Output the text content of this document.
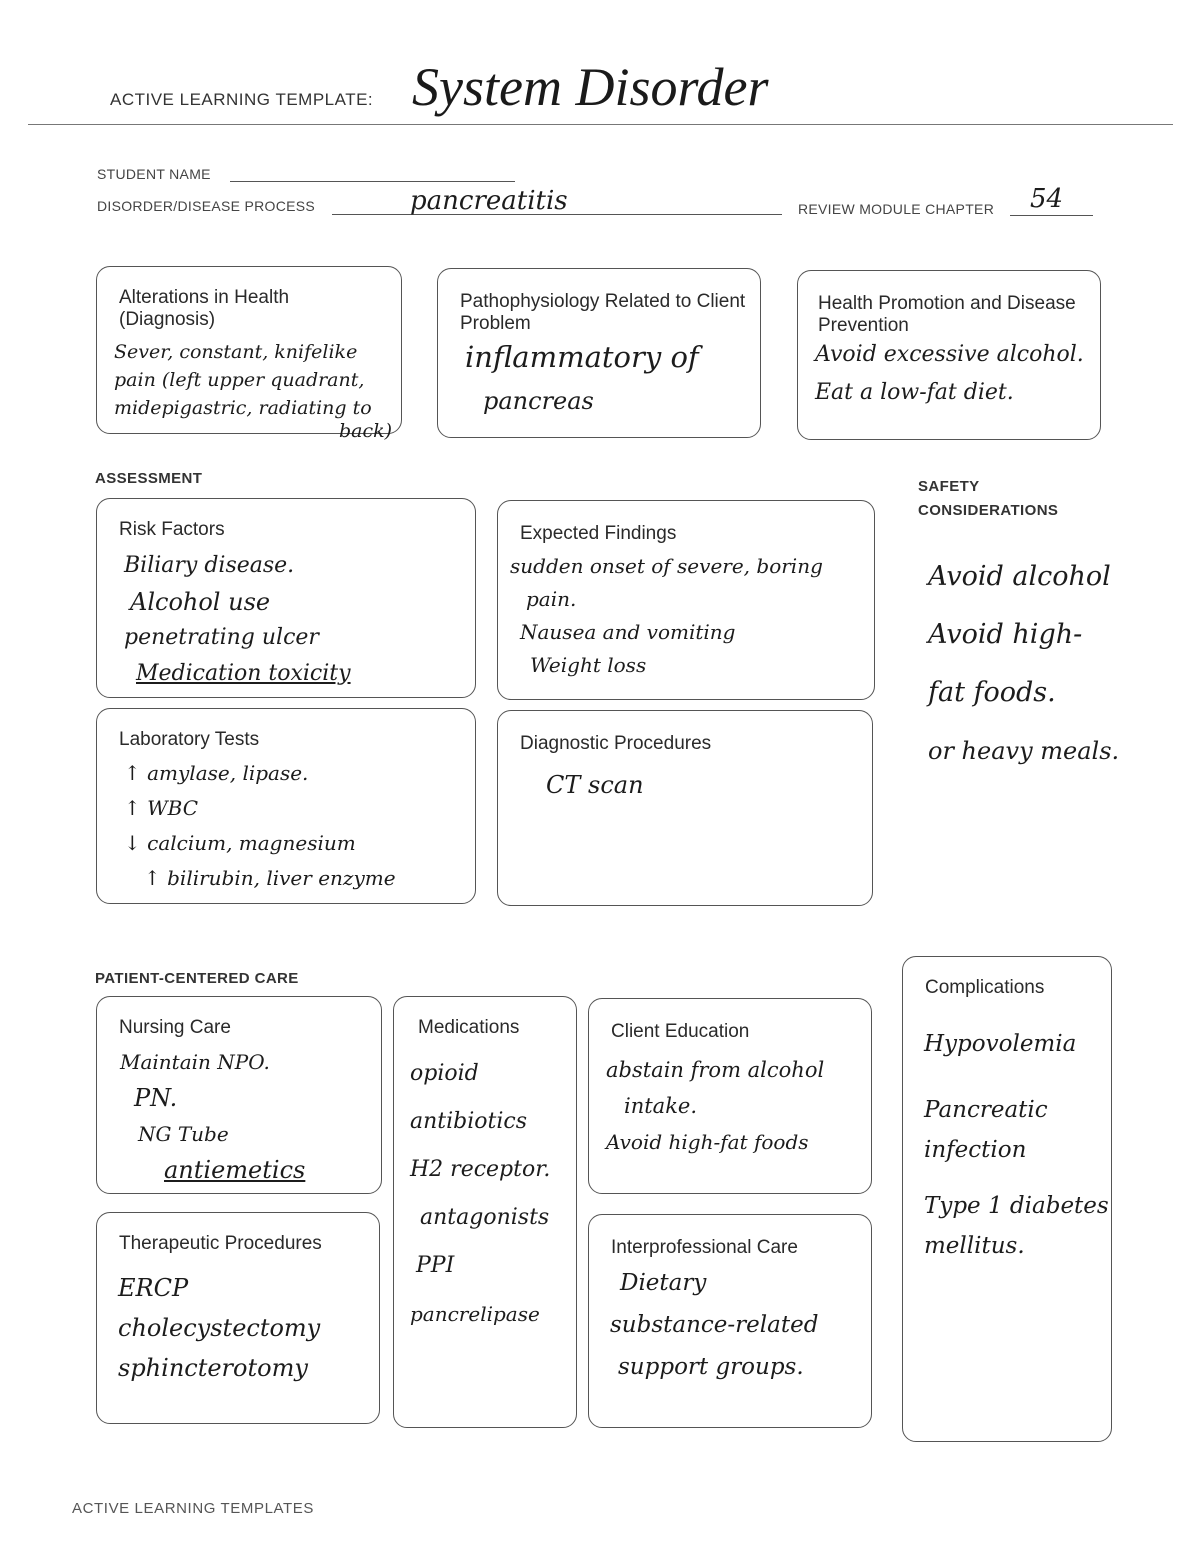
ACTIVE LEARNING TEMPLATE: System Disorder
STUDENT NAME
DISORDER/DISEASE PROCESS	pancreatitis	REVIEW MODULE CHAPTER 54
Alterations in Health (Diagnosis)
Sever, constant, knifelike
pain (left upper quadrant,
midepigastric, radiating to
back)
Pathophysiology Related to Client Problem
inflammatory of
pancreas
Health Promotion and Disease Prevention
Avoid excessive alcohol.
Eat a low-fat diet.
ASSESSMENT
Risk Factors
Biliary disease.
Alcohol use
penetrating ulcer
Medication toxicity
Expected Findings
sudden onset of severe, boring
pain.
Nausea and vomiting
Weight loss
Laboratory Tests
↑ amylase, lipase.
↑ WBC
↓ calcium, magnesium
↑ bilirubin, liver enzyme
Diagnostic Procedures
CT scan
SAFETY CONSIDERATIONS
Avoid alcohol
Avoid high-
fat foods.
or heavy meals.
PATIENT-CENTERED CARE
Nursing Care
Maintain NPO.
PN.
NG Tube
antiemetics
Medications
opioid
antibiotics
H2 receptor.
antagonists
PPI
pancrelipase
Client Education
abstain from alcohol
intake.
Avoid high-fat foods
Therapeutic Procedures
ERCP
cholecystectomy
sphincterotomy
Interprofessional Care
Dietary
substance-related
support groups.
Complications
Hypovolemia
Pancreatic
infection
Type 1 diabetes
mellitus.
ACTIVE LEARNING TEMPLATES
